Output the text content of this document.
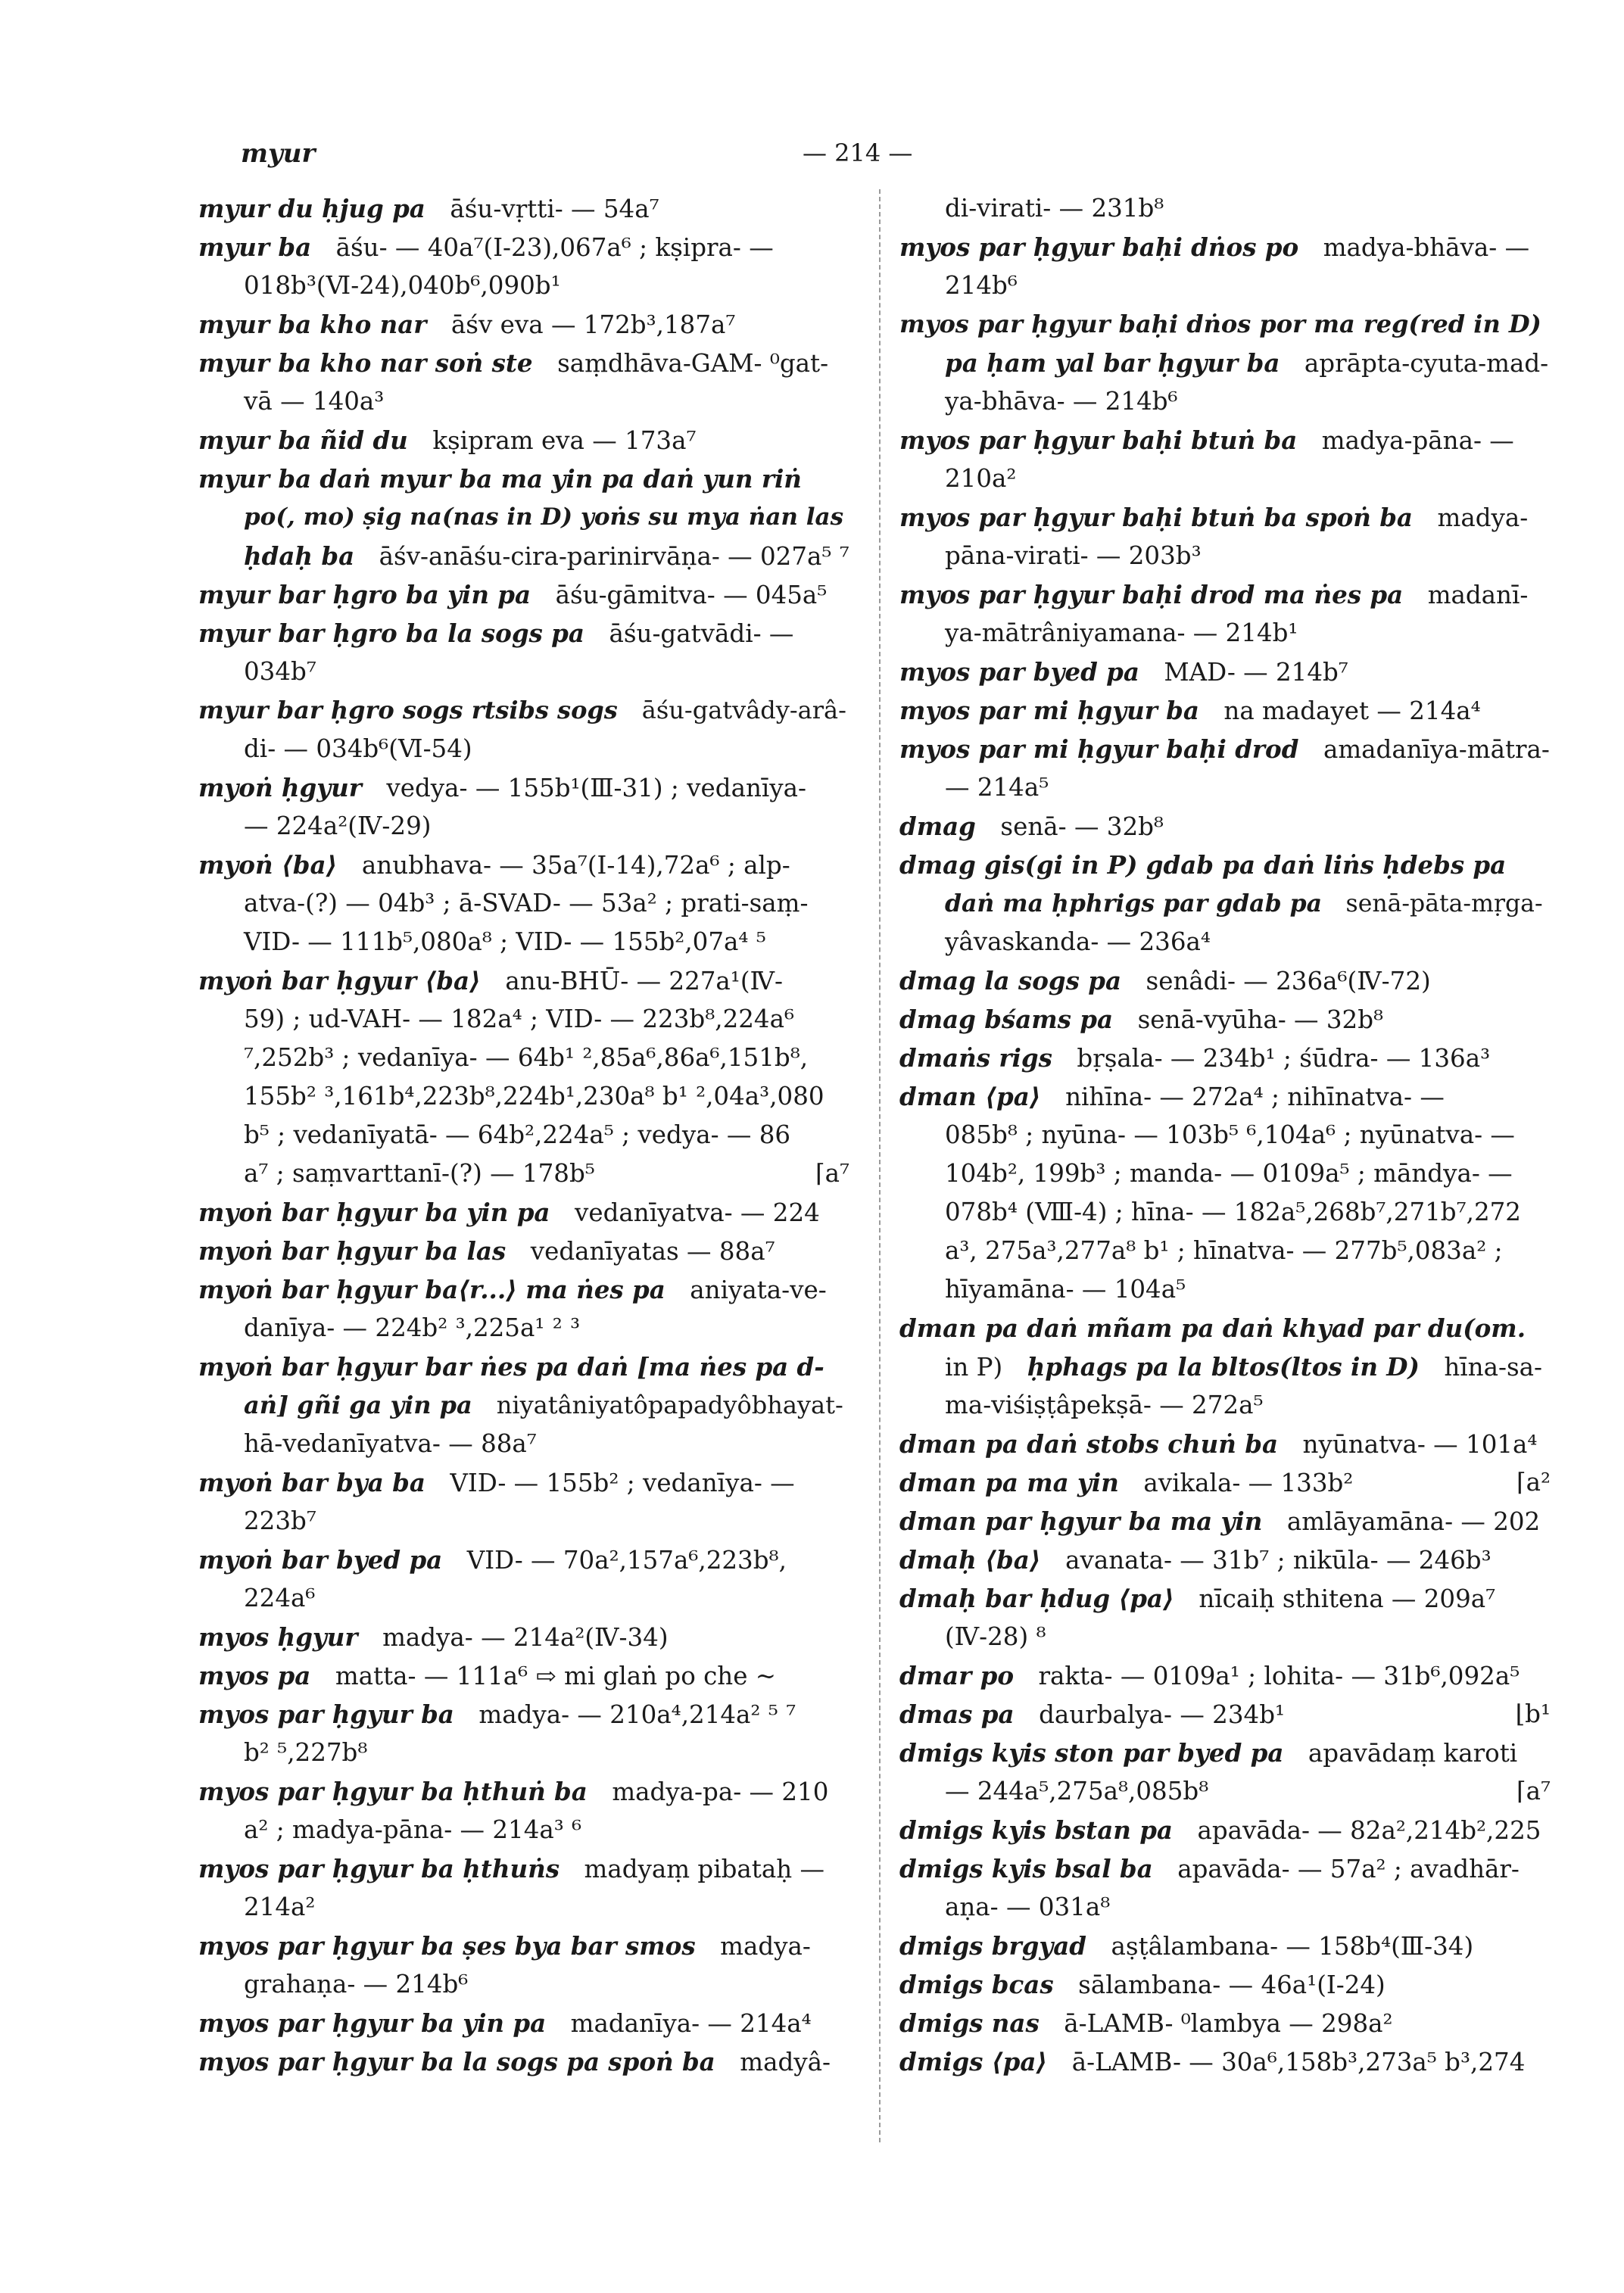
myur	— 214 —
myur du ḥjug pa  āśu-vṛtti- — 54a⁷
myur ba  āśu- — 40a⁷(Ⅰ-23),067a⁶ ; kṣipra- —
018b³(Ⅵ-24),040b⁶,090b¹
myur ba kho nar  āśv eva — 172b³,187a⁷
myur ba kho nar soṅ ste  saṃdhāva-GAM- ⁰gat-
vā — 140a³
myur ba ñid du  kṣipram eva — 173a⁷
myur ba daṅ myur ba ma yin pa daṅ yun riṅ
po(, mo) ṣig na(nas in D) yoṅs su mya ṅan las
ḥdaḥ ba  āśv-anāśu-cira-parinirvāṇa- — 027a⁵ ⁷
myur bar ḥgro ba yin pa  āśu-gāmitva- — 045a⁵
myur bar ḥgro ba la sogs pa  āśu-gatvādi- —
034b⁷
myur bar ḥgro sogs rtsibs sogs  āśu-gatvâdy-arâ-
di- — 034b⁶(Ⅵ-54)
myoṅ ḥgyur  vedya- — 155b¹(Ⅲ-31) ; vedanīya-
— 224a²(Ⅳ-29)
myoṅ ⟨ba⟩  anubhava- — 35a⁷(Ⅰ-14),72a⁶ ; alp-
atva-(?) — 04b³ ; ā-SVAD- — 53a² ; prati-saṃ-
VID- — 111b⁵,080a⁸ ; VID- — 155b²,07a⁴ ⁵
myoṅ bar ḥgyur ⟨ba⟩  anu-BHŪ- — 227a¹(Ⅳ-
59) ; ud-VAH- — 182a⁴ ; VID- — 223b⁸,224a⁶
⁷,252b³ ; vedanīya- — 64b¹ ²,85a⁶,86a⁶,151b⁸,
155b² ³,161b⁴,223b⁸,224b¹,230a⁸ b¹ ²,04a³,080
b⁵ ; vedanīyatā- — 64b²,224a⁵ ; vedya- — 86
a⁷ ; saṃvarttanī-(?) — 178b⁵	⌈a⁷
myoṅ bar ḥgyur ba yin pa  vedanīyatva- — 224
myoṅ bar ḥgyur ba las  vedanīyatas — 88a⁷
myoṅ bar ḥgyur ba⟨r...⟩ ma ṅes pa  aniyata-ve-
danīya- — 224b² ³,225a¹ ² ³
myoṅ bar ḥgyur bar ṅes pa daṅ [ma ṅes pa d-
aṅ] gñi ga yin pa  niyatâniyatôpapadyôbhayat-
hā-vedanīyatva- — 88a⁷
myoṅ bar bya ba  VID- — 155b² ; vedanīya- —
223b⁷
myoṅ bar byed pa  VID- — 70a²,157a⁶,223b⁸,
224a⁶
myos ḥgyur  madya- — 214a²(Ⅳ-34)
myos pa  matta- — 111a⁶ ⇨ mi glaṅ po che ~
myos par ḥgyur ba  madya- — 210a⁴,214a² ⁵ ⁷
b² ⁵,227b⁸
myos par ḥgyur ba ḥthuṅ ba  madya-pa- — 210
a² ; madya-pāna- — 214a³ ⁶
myos par ḥgyur ba ḥthuṅs  madyaṃ pibataḥ —
214a²
myos par ḥgyur ba ṣes bya bar smos  madya-
grahaṇa- — 214b⁶
myos par ḥgyur ba yin pa  madanīya- — 214a⁴
myos par ḥgyur ba la sogs pa spoṅ ba  madyâ-
di-virati- — 231b⁸
myos par ḥgyur baḥi dṅos po  madya-bhāva- —
214b⁶
myos par ḥgyur baḥi dṅos por ma reg(red in D)
pa ḥam yal bar ḥgyur ba  aprāpta-cyuta-mad-
ya-bhāva- — 214b⁶
myos par ḥgyur baḥi btuṅ ba  madya-pāna- —
210a²
myos par ḥgyur baḥi btuṅ ba spoṅ ba  madya-
pāna-virati- — 203b³
myos par ḥgyur baḥi drod ma ṅes pa  madanī-
ya-mātrâniyamana- — 214b¹
myos par byed pa  MAD- — 214b⁷
myos par mi ḥgyur ba  na madayet — 214a⁴
myos par mi ḥgyur baḥi drod  amadanīya-mātra-
— 214a⁵
dmag  senā- — 32b⁸
dmag gis(gi in P) gdab pa daṅ liṅs ḥdebs pa
daṅ ma ḥphrigs par gdab pa  senā-pāta-mṛga-
yâvaskanda- — 236a⁴
dmag la sogs pa  senâdi- — 236a⁶(Ⅳ-72)
dmag bśams pa  senā-vyūha- — 32b⁸
dmaṅs rigs  bṛṣala- — 234b¹ ; śūdra- — 136a³
dman ⟨pa⟩  nihīna- — 272a⁴ ; nihīnatva- —
085b⁸ ; nyūna- — 103b⁵ ⁶,104a⁶ ; nyūnatva- —
104b², 199b³ ; manda- — 0109a⁵ ; māndya- —
078b⁴ (Ⅷ-4) ; hīna- — 182a⁵,268b⁷,271b⁷,272
a³, 275a³,277a⁸ b¹ ; hīnatva- — 277b⁵,083a² ;
hīyamāna- — 104a⁵
dman pa daṅ mñam pa daṅ khyad par du(om.
in P)  ḥphags pa la bltos(ltos in D)  hīna-sa-
ma-viśiṣṭâpekṣā- — 272a⁵
dman pa daṅ stobs chuṅ ba  nyūnatva- — 101a⁴
dman pa ma yin  avikala- — 133b²	⌈a²
dman par ḥgyur ba ma yin  amlāyamāna- — 202
dmaḥ ⟨ba⟩  avanata- — 31b⁷ ; nikūla- — 246b³
dmaḥ bar ḥdug ⟨pa⟩  nīcaiḥ sthitena — 209a⁷
(Ⅳ-28) ⁸
dmar po  rakta- — 0109a¹ ; lohita- — 31b⁶,092a⁵
dmas pa  daurbalya- — 234b¹	⌊b¹
dmigs kyis ston par byed pa  apavādaṃ karoti
— 244a⁵,275a⁸,085b⁸	⌈a⁷
dmigs kyis bstan pa  apavāda- — 82a²,214b²,225
dmigs kyis bsal ba  apavāda- — 57a² ; avadhār-
aṇa- — 031a⁸
dmigs brgyad  aṣṭâlambana- — 158b⁴(Ⅲ-34)
dmigs bcas  sālambana- — 46a¹(Ⅰ-24)
dmigs nas  ā-LAMB- ⁰lambya — 298a²
dmigs ⟨pa⟩  ā-LAMB- — 30a⁶,158b³,273a⁵ b³,274
